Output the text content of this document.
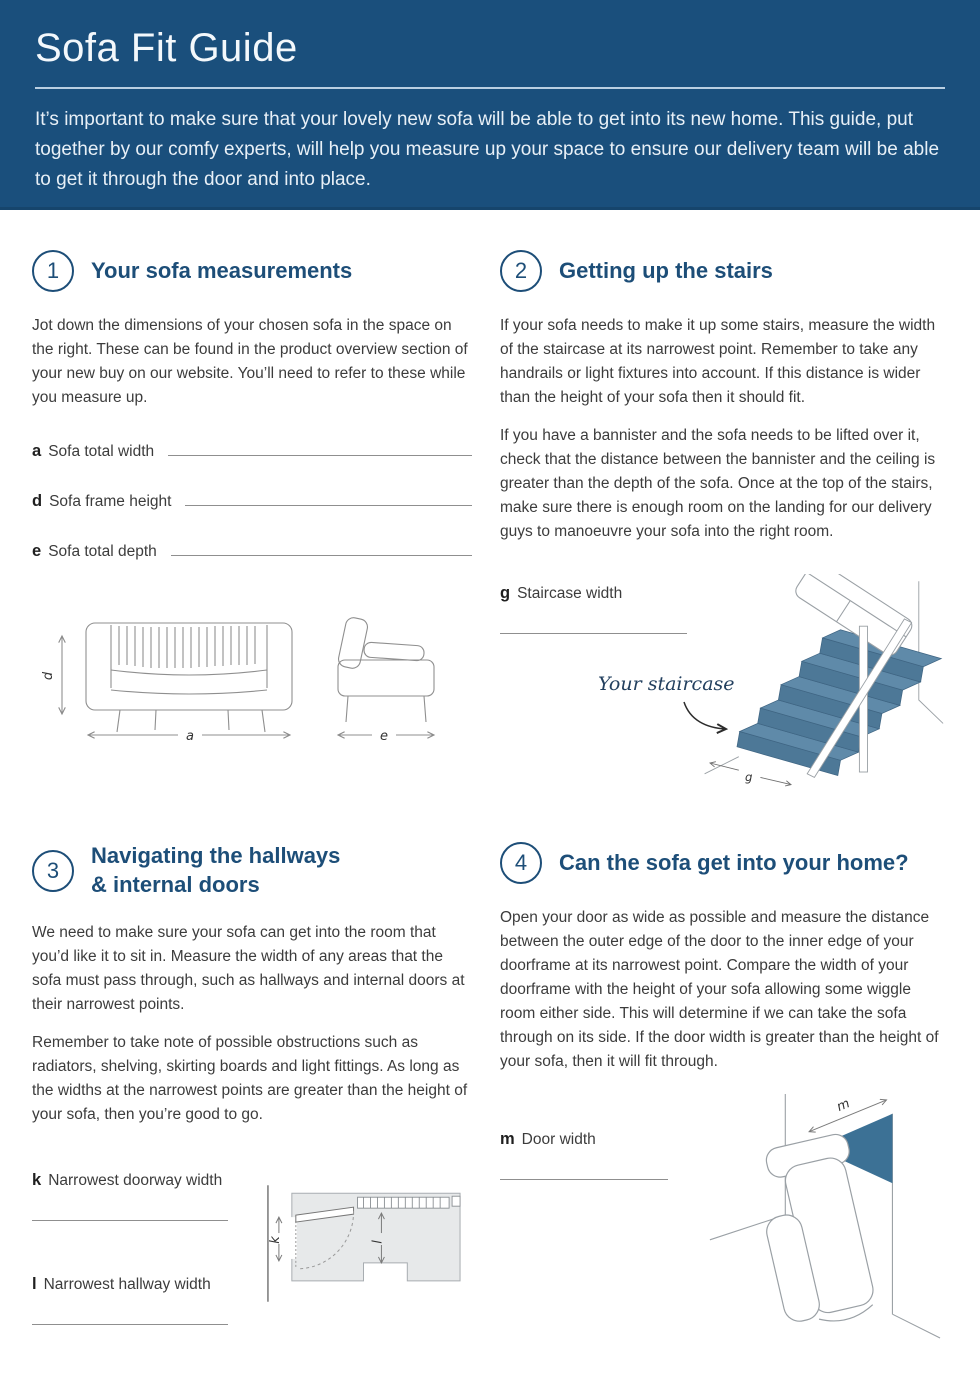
Sofa Fit Guide

It’s important to make sure that your lovely new sofa will be able to get into its new home. This guide, put together by our comfy experts, will help you measure up your space to ensure our delivery team will be able to get it through the door and into place.

1 Your sofa measurements

Jot down the dimensions of your chosen sofa in the space on the right. These can be found in the product overview section of your new buy on our website. You’ll need to refer to these while you measure up.

a Sofa total width
d Sofa frame height
e Sofa total depth
d
a	e
2 Getting up the stairs

If your sofa needs to make it up some stairs, measure the width of the staircase at its narrowest point. Remember to take any handrails or light fixtures into account. If this distance is wider than the height of your sofa then it should fit.

If you have a bannister and the sofa needs to be lifted over it, check that the distance between the bannister and the ceiling is greater than the depth of the sofa. Once at the top of the stairs, make sure there is enough room on the landing for our delivery guys to manoeuvre your sofa into the right room.

g Staircase width
Your staircase
g
3
Navigating the hallways
& internal doors

We need to make sure your sofa can get into the room that you’d like it to sit in. Measure the width of any areas that the sofa must pass through, such as hallways and internal doors at their narrowest points.

Remember to take note of possible obstructions such as radiators, shelving, skirting boards and light fittings. As long as the widths at the narrowest points are greater than the height of your sofa, then you’re good to go.

k Narrowest doorway width
l Narrowest hallway width
l
k
4 Can the sofa get into your home?

Open your door as wide as possible and measure the distance between the outer edge of the door to the inner edge of your doorframe at its narrowest point. Compare the width of your doorframe with the height of your sofa allowing some wiggle room either side. This will determine if we can take the sofa through on its side. If the door width is greater than the height of your sofa, then it will fit through.

m Door width
m
